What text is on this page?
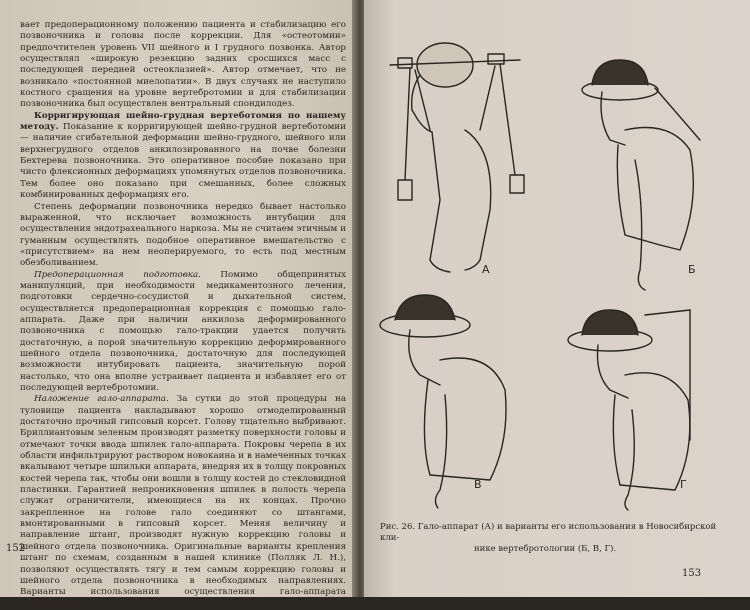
вает предоперационному положению пациента и стабилизацию его позвоночника и головы после коррекции. Для «остеотомии» предпочтителен уровень VII шейного и I грудного позвонка. Автор осуществлял «широкую резекцию задних сросшихся масс с последующей передней остеоклазией». Автор отмечает, что не возникало «постоянной миелопатии». В двух случаях не наступило костного сращения на уровне вертебротомии и для стабилизации позвоночника был осуществлен вентральный спондилодез.

Корригирующая шейно-грудная вертеботомия по нашему методу. Показание к корригирующей шейно-грудной вертеботомии — наличие сгибательной деформации шейно-грудного, шейного или верхнегрудного отделов анкилозированного на почве болезни Бехтерева позвоночника. Это оперативное пособие показано при чисто флексионных деформациях упомянутых отделов позвоночника. Тем более оно показано при смешанных, более сложных комбинированных деформациях его.

Степень деформации позвоночника нередко бывает настолько выраженной, что исключает возможность интубации для осуществления эндотрахеального наркоза. Мы не считаем этичным и гуманным осуществлять подобное оперативное вмешательство с «присутствием» на нем неоперируемого, то есть под местным обезболиванием.

Предоперационная подготовка. Помимо общепринятых манипуляций, при необходимости медикаментозного лечения, подготовки сердечно-сосудистой и дыхательной систем, осуществляется предоперационная коррекция с помощью гало-аппарата. Даже при наличии анкилоза деформированного позвоночника с помощью гало-тракции удается получить достаточную, а порой значительную коррекцию деформированного шейного отдела позвоночника, достаточную для последующей возможности интубировать пациента, значительную порой настолько, что она вполне устраивает пациента и избавляет его от последующей вертебротомии.

Наложение гало-аппарата. За сутки до этой процедуры на туловище пациента накладывают хорошо отмоделированный достаточно прочный гипсовый корсет. Голову тщательно выбривают. Бриллиантовым зеленым производят разметку поверхности головы и отмечают точки ввода шпилек гало-аппарата. Покровы черепа в их области инфильтрируют раствором новокаина и в намеченных точках вкалывают четыре шпильки аппарата, внедряя их в толщу покровных костей черепа так, чтобы они вошли в толщу костей до стекловидной пластинки. Гарантией непроникновения шпилек в полость черепа служат ограничители, имеющиеся на их концах. Прочно закрепленное на голове гало соединяют со штангами, вмонтированными в гипсовый корсет. Меняя величину и направление штанг, производят нужную коррекцию головы и шейного отдела позвоночника. Оригинальные варианты крепления штанг по схемам, созданным в нашей клинике (Полляк Л. Н.), позволяют осуществлять тягу и тем самым коррекцию головы и шейного отдела позвоночника в необходимых направлениях. Варианты использования осуществления гало-аппарата представлены на рис. 26.

152
А	Б
В	Г
Рис. 26. Гало-аппарат (А) и варианты его использования в Новосибирской кли-
нике вертебротологии (Б, В, Г).
153
